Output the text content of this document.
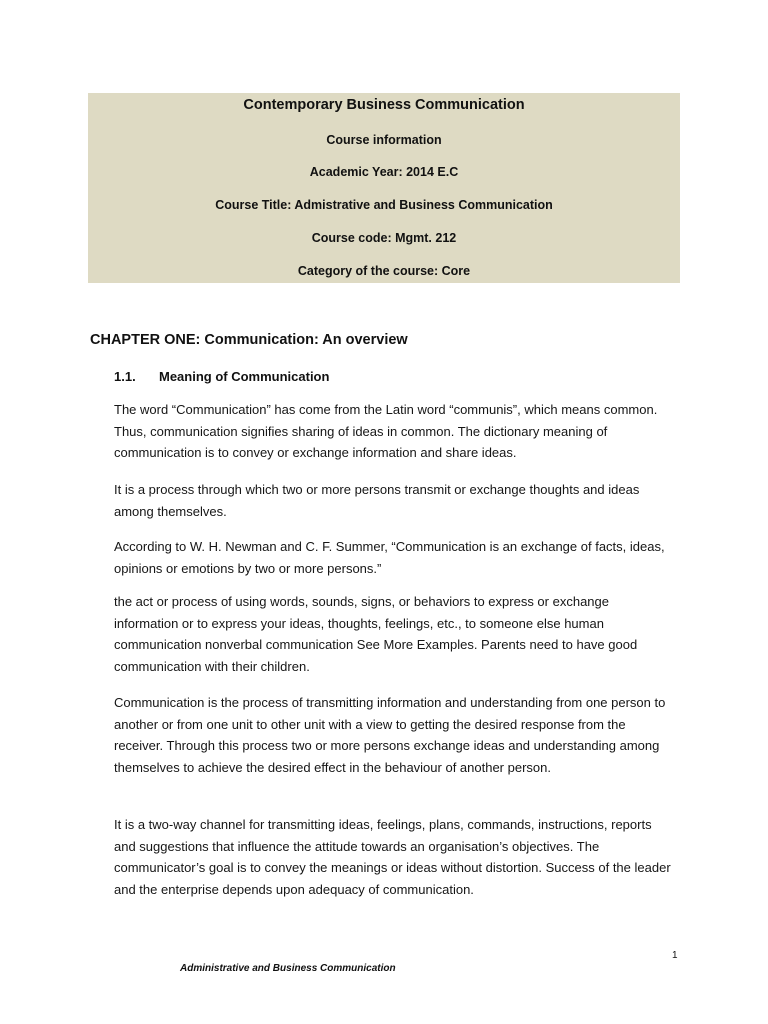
Contemporary Business Communication
Course information
Academic Year: 2014 E.C
Course Title: Admistrative and Business Communication
Course code: Mgmt. 212
Category of the course: Core
CHAPTER ONE: Communication: An overview
1.1. Meaning of Communication

The word “Communication” has come from the Latin word “communis”, which means common. Thus, communication signifies sharing of ideas in common. The dictionary meaning of communication is to convey or exchange information and share ideas.

It is a process through which two or more persons transmit or exchange thoughts and ideas among themselves.

According to W. H. Newman and C. F. Summer, “Communication is an exchange of facts, ideas, opinions or emotions by two or more persons.”

the act or process of using words, sounds, signs, or behaviors to express or exchange information or to express your ideas, thoughts, feelings, etc., to someone else human communication nonverbal communication See More Examples. Parents need to have good communication with their children.

Communication is the process of transmitting information and understanding from one person to another or from one unit to other unit with a view to getting the desired response from the receiver. Through this process two or more persons exchange ideas and understanding among themselves to achieve the desired effect in the behaviour of another person.

It is a two-way channel for transmitting ideas, feelings, plans, commands, instructions, reports and suggestions that influence the attitude towards an organisation’s objectives. The communicator’s goal is to convey the meanings or ideas without distortion. Success of the leader and the enterprise depends upon adequacy of communication.

1
Administrative and Business Communication
